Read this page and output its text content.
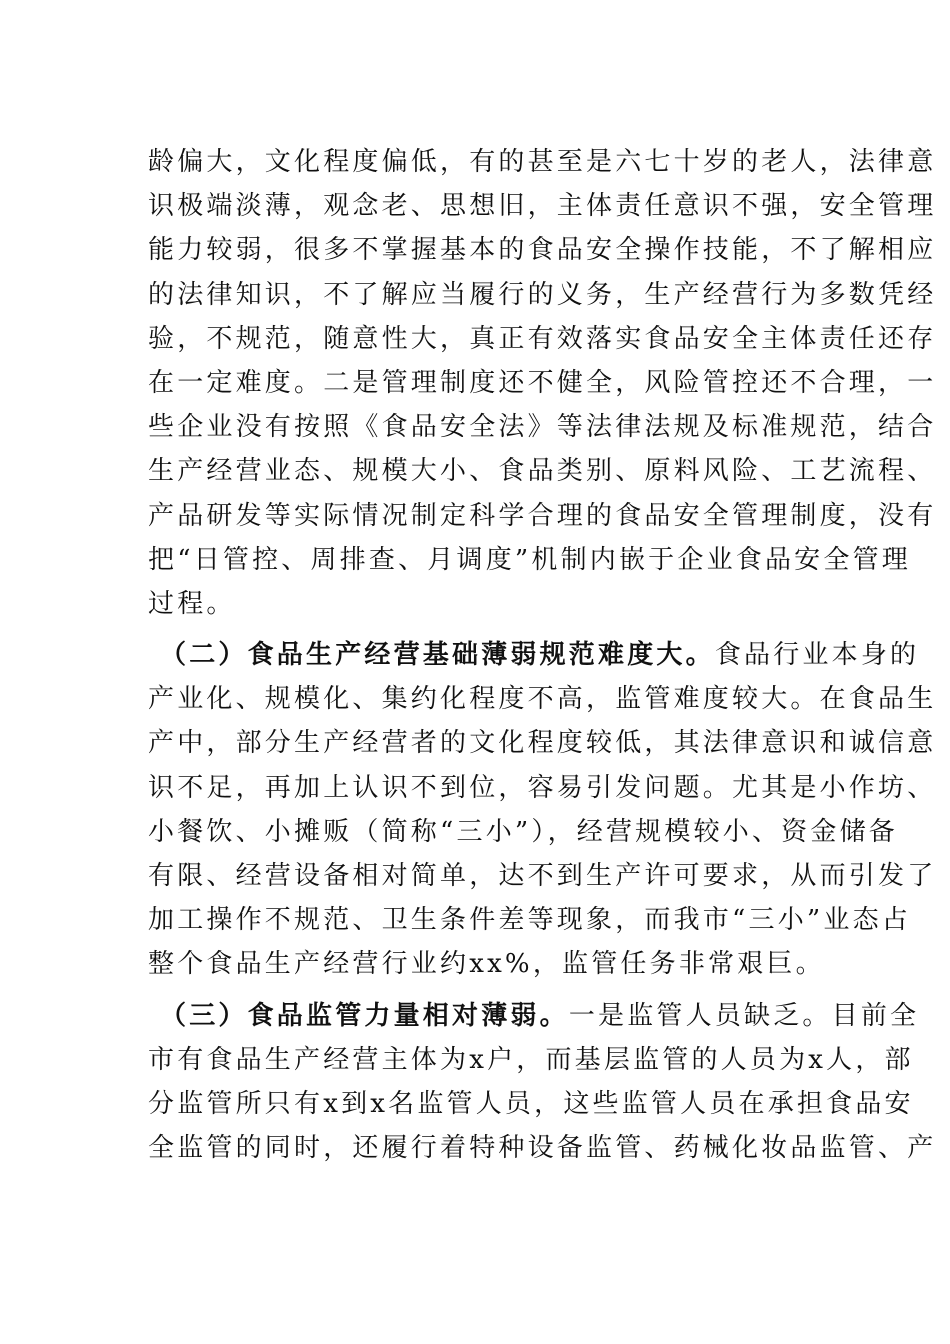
龄偏大，文化程度偏低，有的甚至是六七十岁的老人，法律意
识极端淡薄，观念老、思想旧，主体责任意识不强，安全管理
能力较弱，很多不掌握基本的食品安全操作技能，不了解相应
的法律知识，不了解应当履行的义务，生产经营行为多数凭经
验，不规范，随意性大，真正有效落实食品安全主体责任还存
在一定难度。二是管理制度还不健全，风险管控还不合理，一
些企业没有按照《食品安全法》等法律法规及标准规范，结合
生产经营业态、规模大小、食品类别、原料风险、工艺流程、
产品研发等实际情况制定科学合理的食品安全管理制度，没有
把“日管控、周排查、月调度”机制内嵌于企业食品安全管理
过程。
（二）食品生产经营基础薄弱规范难度大。食品行业本身的
产业化、规模化、集约化程度不高，监管难度较大。在食品生
产中，部分生产经营者的文化程度较低，其法律意识和诚信意
识不足，再加上认识不到位，容易引发问题。尤其是小作坊、
小餐饮、小摊贩（简称“三小”），经营规模较小、资金储备
有限、经营设备相对简单，达不到生产许可要求，从而引发了
加工操作不规范、卫生条件差等现象，而我市“三小”业态占
整个食品生产经营行业约xx%，监管任务非常艰巨。
（三）食品监管力量相对薄弱。一是监管人员缺乏。目前全
市有食品生产经营主体为x户，而基层监管的人员为x人，部
分监管所只有x到x名监管人员，这些监管人员在承担食品安
全监管的同时，还履行着特种设备监管、药械化妆品监管、产
